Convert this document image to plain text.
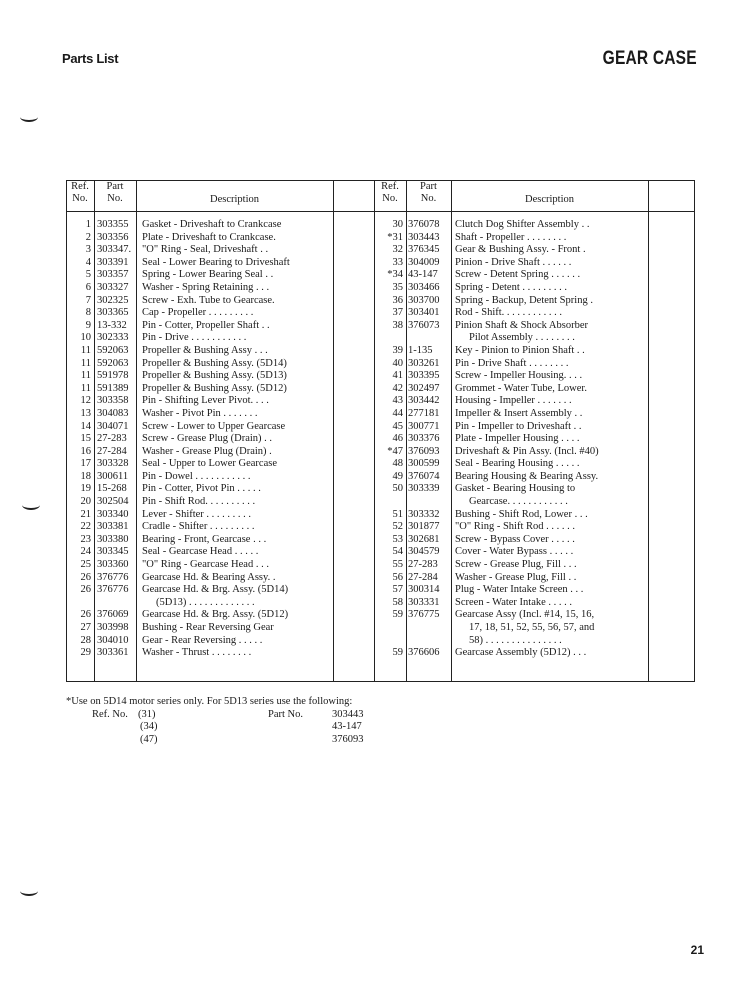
Parts List	GEAR CASE
Ref.
No.
Part
No.	Description
Ref.
No.
Part
No.	Description
1 303355 Gasket - Driveshaft to Crankcase
2 303356 Plate - Driveshaft to Crankcase.
3 303347. "O" Ring - Seal, Driveshaft . .
4 303391 Seal - Lower Bearing to Driveshaft
5 303357 Spring - Lower Bearing Seal . .
6 303327 Washer - Spring Retaining . . .
7 302325 Screw - Exh. Tube to Gearcase.
8 303365 Cap - Propeller . . . . . . . . .
9 13-332 Pin - Cotter, Propeller Shaft . .
10 302333 Pin - Drive . . . . . . . . . . .
11 592063 Propeller & Bushing Assy . . .
11 592063 Propeller & Bushing Assy. (5D14)
11 591978 Propeller & Bushing Assy. (5D13)
11 591389 Propeller & Bushing Assy. (5D12)
12 303358 Pin - Shifting Lever Pivot. . . .
13 304083 Washer - Pivot Pin . . . . . . .
14 304071 Screw - Lower to Upper Gearcase
15 27-283 Screw - Grease Plug (Drain) . .
16 27-284 Washer - Grease Plug (Drain) .
17 303328 Seal - Upper to Lower Gearcase
18 300611 Pin - Dowel . . . . . . . . . . .
19 15-268 Pin - Cotter, Pivot Pin . . . . .
20 302504 Pin - Shift Rod. . . . . . . . . .
21 303340 Lever - Shifter . . . . . . . . .
22 303381 Cradle - Shifter . . . . . . . . .
23 303380 Bearing - Front, Gearcase . . .
24 303345 Seal - Gearcase Head . . . . .
25 303360 "O" Ring - Gearcase Head . . .
26 376776 Gearcase Hd. & Bearing Assy. .
26 376776 Gearcase Hd. & Brg. Assy. (5D14)
(5D13) . . . . . . . . . . . . .
26 376069 Gearcase Hd. & Brg. Assy. (5D12)
27 303998 Bushing - Rear Reversing Gear
28 304010 Gear - Rear Reversing . . . . .
29 303361 Washer - Thrust . . . . . . . .
30 376078 Clutch Dog Shifter Assembly . .
*31 303443 Shaft - Propeller . . . . . . . .
32 376345 Gear & Bushing Assy. - Front .
33 304009 Pinion - Drive Shaft . . . . . .
*34 43-147 Screw - Detent Spring . . . . . .
35 303466 Spring - Detent . . . . . . . . .
36 303700 Spring - Backup, Detent Spring .
37 303401 Rod - Shift. . . . . . . . . . . .
38 376073 Pinion Shaft & Shock Absorber
Pilot Assembly . . . . . . . .
39 1-135 Key - Pinion to Pinion Shaft . .
40 303261 Pin - Drive Shaft . . . . . . . .
41 303395 Screw - Impeller Housing. . . .
42 302497 Grommet - Water Tube, Lower.
43 303442 Housing - Impeller . . . . . . .
44 277181 Impeller & Insert Assembly . .
45 300771 Pin - Impeller to Driveshaft . .
46 303376 Plate - Impeller Housing . . . .
*47 376093 Driveshaft & Pin Assy. (Incl. #40)
48 300599 Seal - Bearing Housing . . . . .
49 376074 Bearing Housing & Bearing Assy.
50 303339 Gasket - Bearing Housing to
Gearcase. . . . . . . . . . . .
51 303332 Bushing - Shift Rod, Lower . . .
52 301877 "O" Ring - Shift Rod . . . . . .
53 302681 Screw - Bypass Cover . . . . .
54 304579 Cover - Water Bypass . . . . .
55 27-283 Screw - Grease Plug, Fill . . .
56 27-284 Washer - Grease Plug, Fill . .
57 300314 Plug - Water Intake Screen . . .
58 303331 Screen - Water Intake . . . . .
59 376775 Gearcase Assy (Incl. #14, 15, 16,
17, 18, 51, 52, 55, 56, 57, and
58) . . . . . . . . . . . . . . .
59 376606 Gearcase Assembly (5D12) . . .
*Use on 5D14 motor series only. For 5D13 series use the following:
Ref. No.	Part No.
(31)	303443
(34)	43-147
(47)	376093
21
